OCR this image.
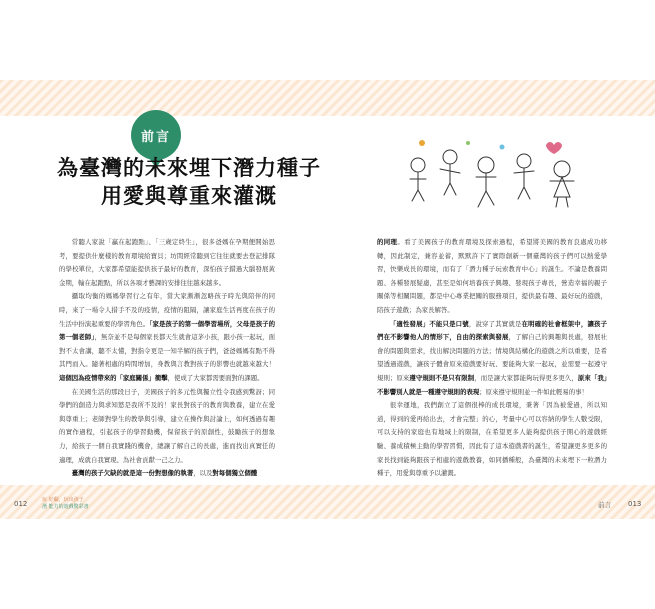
前言
為臺灣的未來埋下潛力種子
用愛與尊重來灌溉

常聽人家說「贏在起跑點」、「三歲定終生」，很多爸媽在孕期便開始思考，要提供什麼樣的教育環境給寶貝；坊間經常聽到它往往就要去登記排隊的學校單位，大家都希望能提供孩子最好的教育，深怕孩子錯過大腦發展黃金期，輸在起跑點，所以各項才藝課的安排往往越來越多。

攝取均衡的媽媽學習行之有年，當大家漸漸忽略孩子時光與陪伴的同時，來了一場令人措手不及的疫情，疫情的阻隔，讓家庭生活再度在孩子的生活中扮演起重要的學習角色。「家是孩子的第一個學習場所，父母是孩子的第一個老師」，無奈並不是每個家長都天生就會這茅小孩，跟小孩一起玩，面對不太會講，聽不太懂，對指令更是一知半解的孩子們，爸爸媽媽有點不得其門而入。隨著相處的時間增加，身教與言教對孩子的影響也就越來越大！這個因為疫情帶來的「家庭關係」衝擊，使成了大家都需要面對的課題。

在美國生活的那段日子，美國孩子的多元性與獨立性令我感到驚訝；同學們的創造力與求知慾是我所不及的！家長對孩子的教育與教養，建立在愛與尊重上；老師對學生的教學與引導，建立在操作與討論上，如何透過有趣的實作過程，引起孩子的學習動機，保留孩子的原創性，鼓勵孩子的想象力，給孩子一個自我實踐的機會，總讓了解自己的長處，進而找出真實任的適理，成就自我實現、為社會貢獻一己之力。

臺灣的孩子欠缺的就是這一份對想像的執著，以及對每個獨立個體

的同理。看了美國孩子的教育環境及探索過程，希望將美國的教育良處成功移轉，因此制定，兼容並蓄，默默許下了實際創新一個臺灣的孩子們可以熱愛學習，快樂成長的環境，而有了「潛力種子玩索教育中心」的誕生。不論是教養問題、各種發展疑慮，甚至是如何培養孩子興趣、發現孩子專長，營造幸福的親子關係等相關問題，都是中心專業把關的服務項目，提供最有趣、最好玩的遊戲，陪孩子遊戲；為家長解答。

「適性發展」不能只是口號，說穿了其實就是在明確的社會框架中，讓孩子們在不影響他人的情形下，自由的探索與發展，了解自己的興趣與長處，發展社會的問題與需求，找出解決問題的方法；情境與結構化的遊戲之所以重要，是希望透過遊戲，讓孩子體會原來遊戲要好玩、要能夠大家一起玩，並需要一起遵守規則；原來遵守規則不是只有限制，而是讓大家都能夠玩得更多更久，原來「我」不影響別人就是一種遵守規則的表現；原來遵守規則並一件如此輕易的事！

很幸運地，我們創立了這個很棒的成長環境，秉著「因為被愛過，所以知道，得到的愛再給出去，才會完整」的心，考量中心可以容納的學生人數受限，可以支持的家庭也有地域上的限制，在希望更多人能夠提供孩子開心的遊戲經驗、養成積極主動的學習習慣，因此有了這本遊戲書的誕生，希望讓更多更多的家長找到能夠跟孩子相處的遊戲教養，如同播種般，為臺灣的未來埋下一粒潛力種子，用愛與尊重予以灌溉。

012	玩 好礙，玩出孩子
潛 能力的遊戲驚彩書	前言 013
